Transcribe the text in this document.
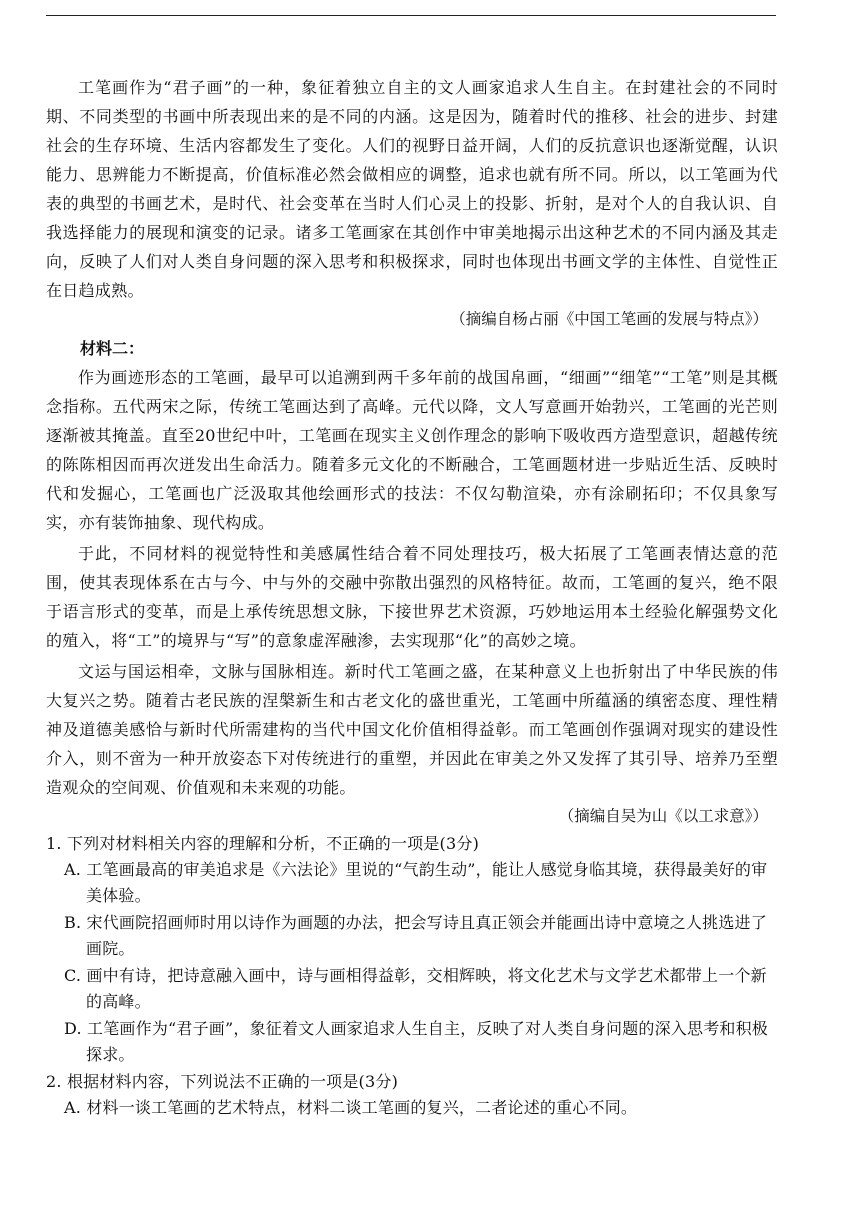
工笔画作为“君子画”的一种，象征着独立自主的文人画家追求人生自主。在封建社会的不同时期、不同类型的书画中所表现出来的是不同的内涵。这是因为，随着时代的推移、社会的进步、封建社会的生存环境、生活内容都发生了变化。人们的视野日益开阔，人们的反抗意识也逐渐觉醒，认识能力、思辨能力不断提高，价值标准必然会做相应的调整，追求也就有所不同。所以，以工笔画为代表的典型的书画艺术，是时代、社会变革在当时人们心灵上的投影、折射，是对个人的自我认识、自我选择能力的展现和演变的记录。诸多工笔画家在其创作中审美地揭示出这种艺术的不同内涵及其走向，反映了人们对人类自身问题的深入思考和积极探求，同时也体现出书画文学的主体性、自觉性正在日趋成熟。

（摘编自杨占丽《中国工笔画的发展与特点》）

材料二：

作为画迹形态的工笔画，最早可以追溯到两千多年前的战国帛画，“细画”“细笔”“工笔”则是其概念指称。五代两宋之际，传统工笔画达到了高峰。元代以降，文人写意画开始勃兴，工笔画的光芒则逐渐被其掩盖。直至20世纪中叶，工笔画在现实主义创作理念的影响下吸收西方造型意识，超越传统的陈陈相因而再次迸发出生命活力。随着多元文化的不断融合，工笔画题材进一步贴近生活、反映时代和发掘心，工笔画也广泛汲取其他绘画形式的技法：不仅勾勒渲染，亦有涂刷拓印；不仅具象写实，亦有装饰抽象、现代构成。

于此，不同材料的视觉特性和美感属性结合着不同处理技巧，极大拓展了工笔画表情达意的范围，使其表现体系在古与今、中与外的交融中弥散出强烈的风格特征。故而，工笔画的复兴，绝不限于语言形式的变革，而是上承传统思想文脉，下接世界艺术资源，巧妙地运用本土经验化解强势文化的殖入，将“工”的境界与“写”的意象虚浑融渗，去实现那“化”的高妙之境。

文运与国运相牵，文脉与国脉相连。新时代工笔画之盛，在某种意义上也折射出了中华民族的伟大复兴之势。随着古老民族的涅槃新生和古老文化的盛世重光，工笔画中所蕴涵的缜密态度、理性精神及道德美感恰与新时代所需建构的当代中国文化价值相得益彰。而工笔画创作强调对现实的建设性介入，则不啻为一种开放姿态下对传统进行的重塑，并因此在审美之外又发挥了其引导、培养乃至塑造观众的空间观、价值观和未来观的功能。

（摘编自吴为山《以工求意》）

1. 下列对材料相关内容的理解和分析，不正确的一项是(3分)

A. 工笔画最高的审美追求是《六法论》里说的“气韵生动”，能让人感觉身临其境，获得最美好的审美体验。

B. 宋代画院招画师时用以诗作为画题的办法，把会写诗且真正领会并能画出诗中意境之人挑选进了画院。

C. 画中有诗，把诗意融入画中，诗与画相得益彰，交相辉映，将文化艺术与文学艺术都带上一个新的高峰。

D. 工笔画作为“君子画”，象征着文人画家追求人生自主，反映了对人类自身问题的深入思考和积极探求。

2. 根据材料内容，下列说法不正确的一项是(3分)

A. 材料一谈工笔画的艺术特点，材料二谈工笔画的复兴，二者论述的重心不同。
